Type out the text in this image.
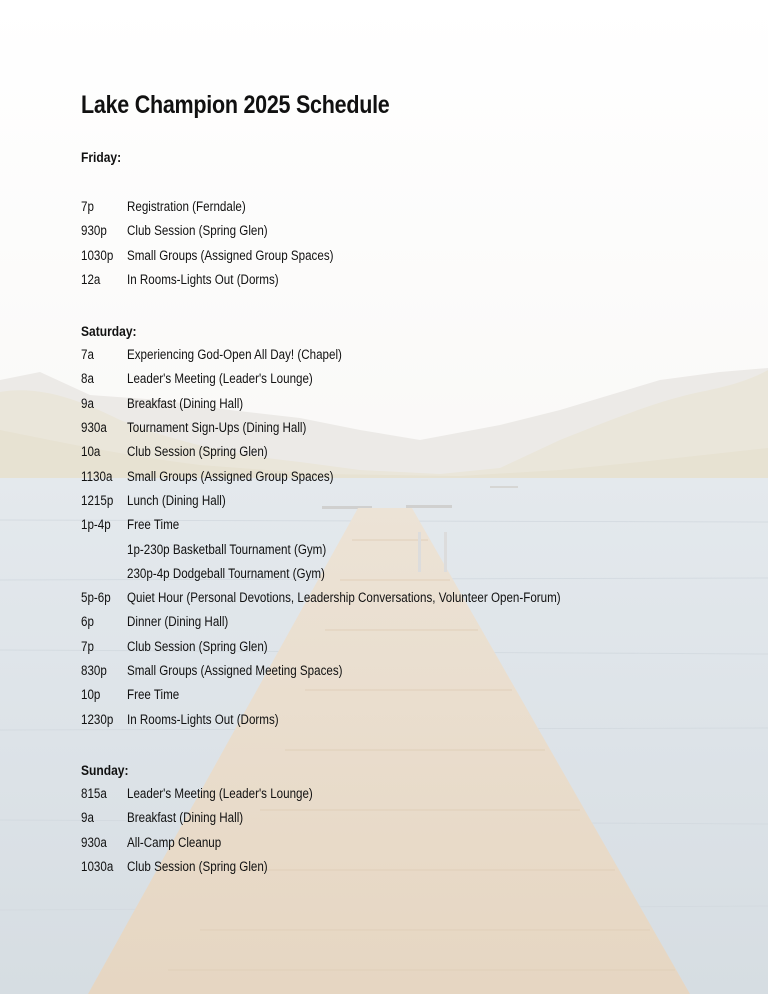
Lake Champion 2025 Schedule
Friday:
7p Registration (Ferndale)
930p Club Session (Spring Glen)
1030p Small Groups (Assigned Group Spaces)
12a In Rooms-Lights Out (Dorms)
Saturday:
7a Experiencing God-Open All Day! (Chapel)
8a Leader's Meeting (Leader's Lounge)
9a Breakfast (Dining Hall)
930a Tournament Sign-Ups (Dining Hall)
10a Club Session (Spring Glen)
1130a Small Groups (Assigned Group Spaces)
1215p Lunch (Dining Hall)
1p-4p Free Time
1p-230p Basketball Tournament (Gym)
230p-4p Dodgeball Tournament (Gym)
5p-6p Quiet Hour (Personal Devotions, Leadership Conversations, Volunteer Open-Forum)
6p Dinner (Dining Hall)
7p Club Session (Spring Glen)
830p Small Groups (Assigned Meeting Spaces)
10p Free Time
1230p In Rooms-Lights Out (Dorms)
Sunday:
815a Leader's Meeting (Leader's Lounge)
9a Breakfast (Dining Hall)
930a All-Camp Cleanup
1030a Club Session (Spring Glen)
